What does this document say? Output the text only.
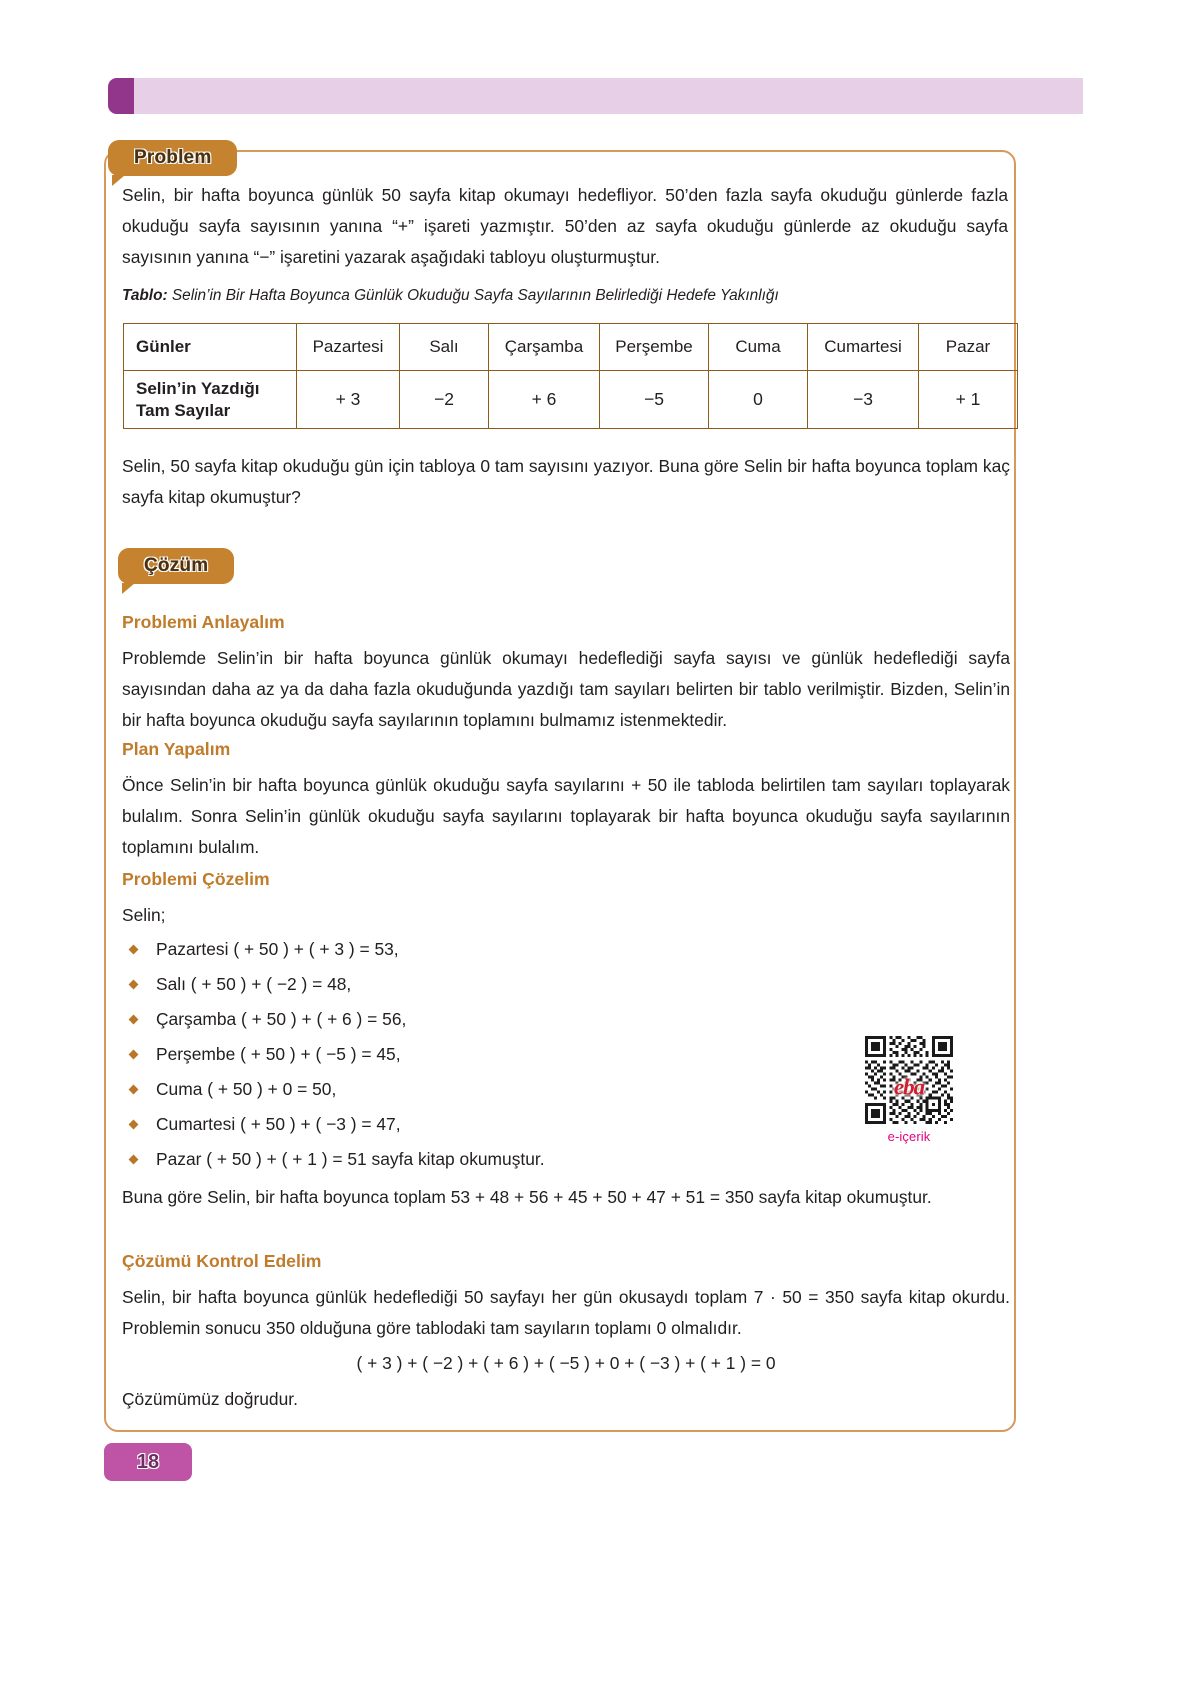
Problem

Selin, bir hafta boyunca günlük 50 sayfa kitap okumayı hedefliyor. 50’den fazla sayfa okuduğu günlerde fazla okuduğu sayfa sayısının yanına “+” işareti yazmıştır. 50’den az sayfa okuduğu günlerde az okuduğu sayfa sayısının yanına “−” işaretini yazarak aşağıdaki tabloyu oluşturmuştur.

Tablo: Selin’in Bir Hafta Boyunca Günlük Okuduğu Sayfa Sayılarının Belirlediği Hedefe Yakınlığı
Günler	Pazartesi	Salı	Çarşamba	Perşembe	Cuma	Cumartesi	Pazar
Selin’in Yazdığı Tam Sayılar	+ 3	−2	+ 6	−5	0	−3	+ 1

Selin, 50 sayfa kitap okuduğu gün için tabloya 0 tam sayısını yazıyor. Buna göre Selin bir hafta boyunca toplam kaç sayfa kitap okumuştur?

Çözüm
Problemi Anlayalım

Problemde Selin’in bir hafta boyunca günlük okumayı hedeflediği sayfa sayısı ve günlük hedeflediği sayfa sayısından daha az ya da daha fazla okuduğunda yazdığı tam sayıları belirten bir tablo verilmiştir. Bizden, Selin’in bir hafta boyunca okuduğu sayfa sayılarının toplamını bulmamız istenmektedir.

Plan Yapalım

Önce Selin’in bir hafta boyunca günlük okuduğu sayfa sayılarını + 50 ile tabloda belirtilen tam sayıları toplayarak bulalım. Sonra Selin’in günlük okuduğu sayfa sayılarını toplayarak bir hafta boyunca okuduğu sayfa sayılarının toplamını bulalım.

Problemi Çözelim

Selin;

Pazartesi ( + 50 ) + ( + 3 ) = 53,
Salı ( + 50 ) + ( −2 ) = 48,
Çarşamba ( + 50 ) + ( + 6 ) = 56,
Perşembe ( + 50 ) + ( −5 ) = 45,
Cuma ( + 50 ) + 0 = 50,
Cumartesi ( + 50 ) + ( −3 ) = 47,
Pazar ( + 50 ) + ( + 1 ) = 51 sayfa kitap okumuştur.
eba
e-içerik

Buna göre Selin, bir hafta boyunca toplam 53 + 48 + 56 + 45 + 50 + 47 + 51 = 350 sayfa kitap okumuştur.

Çözümü Kontrol Edelim

Selin, bir hafta boyunca günlük hedeflediği 50 sayfayı her gün okusaydı toplam 7 · 50 = 350 sayfa kitap okurdu. Problemin sonucu 350 olduğuna göre tablodaki tam sayıların toplamı 0 olmalıdır.

( + 3 ) + ( −2 ) + ( + 6 ) + ( −5 ) + 0 + ( −3 ) + ( + 1 ) = 0

Çözümümüz doğrudur.

18
